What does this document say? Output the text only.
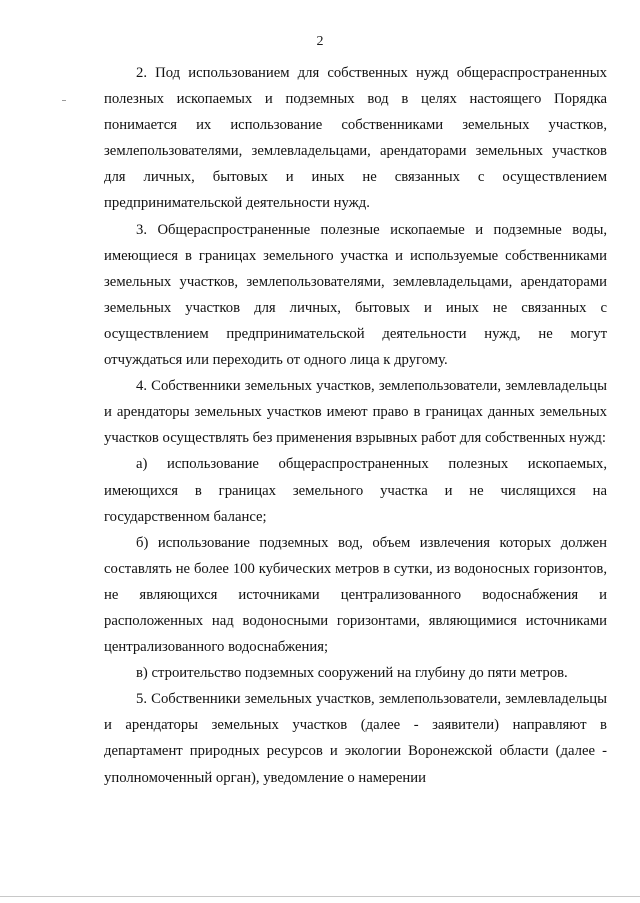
2

2. Под использованием для собственных нужд общераспространенных полезных ископаемых и подземных вод в целях настоящего Порядка понимается их использование собственниками земельных участков, землепользователями, землевладельцами, арендаторами земельных участков для личных, бытовых и иных не связанных с осуществлением предпринимательской деятельности нужд.

3. Общераспространенные полезные ископаемые и подземные воды, имеющиеся в границах земельного участка и используемые собственниками земельных участков, землепользователями, землевладельцами, арендаторами земельных участков для личных, бытовых и иных не связанных с осуществлением предпринимательской деятельности нужд, не могут отчуждаться или переходить от одного лица к другому.

4. Собственники земельных участков, землепользователи, землевладельцы и арендаторы земельных участков имеют право в границах данных земельных участков осуществлять без применения взрывных работ для собственных нужд:

а) использование общераспространенных полезных ископаемых, имеющихся в границах земельного участка и не числящихся на государственном балансе;

б) использование подземных вод, объем извлечения которых должен составлять не более 100 кубических метров в сутки, из водоносных горизонтов, не являющихся источниками централизованного водоснабжения и расположенных над водоносными горизонтами, являющимися источниками централизованного водоснабжения;

в) строительство подземных сооружений на глубину до пяти метров.

5. Собственники земельных участков, землепользователи, землевладельцы и арендаторы земельных участков (далее - заявители) направляют в департамент природных ресурсов и экологии Воронежской области (далее - уполномоченный орган), уведомление о намерении
